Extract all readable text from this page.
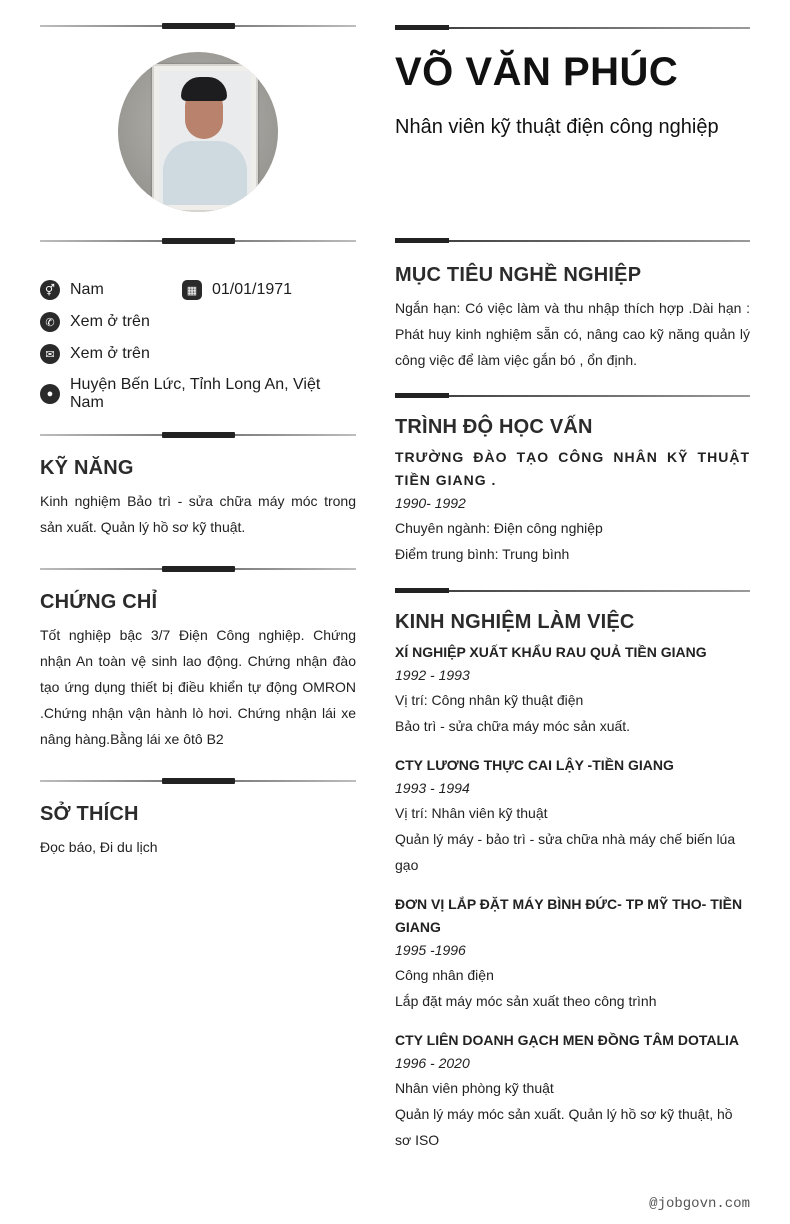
⚥ Nam	▦ 01/01/1971
✆ Xem ở trên
✉ Xem ở trên
●
Huyện Bến Lức, Tỉnh Long An, Việt Nam
KỸ NĂNG
Kinh nghiệm Bảo trì - sửa chữa máy móc trong sản xuất. Quản lý hồ sơ kỹ thuật.
CHỨNG CHỈ
Tốt nghiệp bậc 3/7 Điện Công nghiệp. Chứng nhận An toàn vệ sinh lao động. Chứng nhận đào tạo ứng dụng thiết bị điều khiển tự động OMRON .Chứng nhận vận hành lò hơi. Chứng nhận lái xe nâng hàng.Bằng lái xe ôtô B2
SỞ THÍCH
Đọc báo, Đi du lịch
VÕ VĂN PHÚC
Nhân viên kỹ thuật điện công nghiệp
MỤC TIÊU NGHỀ NGHIỆP
Ngắn hạn: Có việc làm và thu nhập thích hợp .Dài hạn : Phát huy kinh nghiệm sẵn có, nâng cao kỹ năng quản lý công việc để làm việc gắn bó , ổn định.
TRÌNH ĐỘ HỌC VẤN
TRƯỜNG ĐÀO TẠO CÔNG NHÂN KỸ THUẬT TIỀN GIANG .
1990- 1992
Chuyên ngành: Điện công nghiệp
Điểm trung bình: Trung bình
KINH NGHIỆM LÀM VIỆC
XÍ NGHIỆP XUẤT KHẨU RAU QUẢ TIỀN GIANG
1992 - 1993
Vị trí: Công nhân kỹ thuật điện
Bảo trì - sửa chữa máy móc sản xuất.
CTY LƯƠNG THỰC CAI LẬY -TIỀN GIANG
1993 - 1994
Vị trí: Nhân viên kỹ thuật
Quản lý máy - bảo trì - sửa chữa nhà máy chế biến lúa gạo
ĐƠN VỊ LẮP ĐẶT MÁY BÌNH ĐỨC- TP MỸ THO- TIỀN GIANG
1995 -1996
Công nhân điện
Lắp đặt máy móc sản xuất theo công trình
CTY LIÊN DOANH GẠCH MEN ĐỒNG TÂM DOTALIA
1996 - 2020
Nhân viên phòng kỹ thuật
Quản lý máy móc sản xuất. Quản lý hồ sơ kỹ thuật, hồ sơ ISO
@jobgovn.com
